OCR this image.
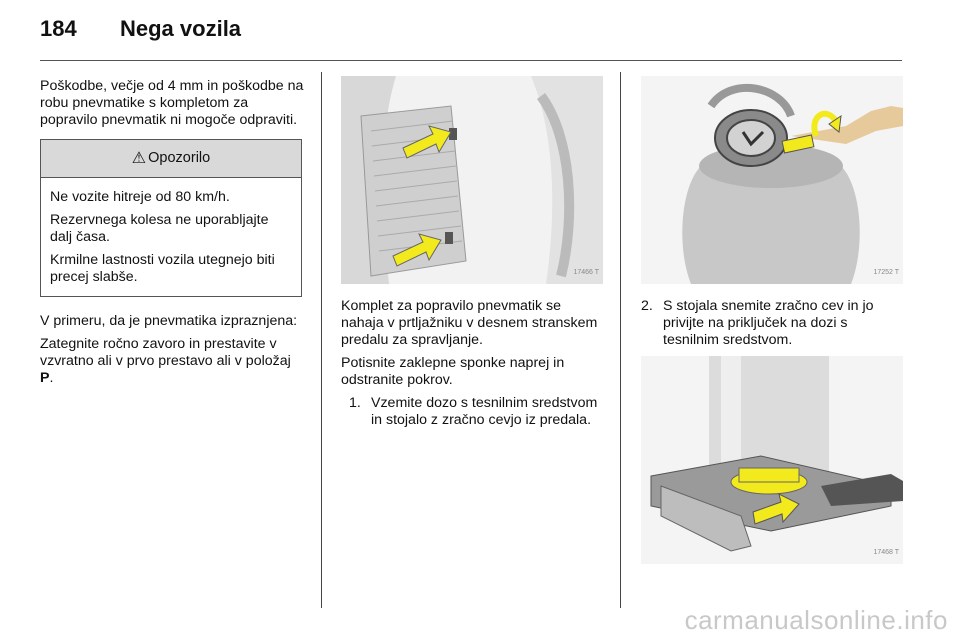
184	Nega vozila

Poškodbe, večje od 4 mm in poškodbe na robu pnevmatike s kompletom za popravilo pnevmatik ni mogoče odpraviti.

⚠ Opozorilo

Ne vozite hitreje od 80 km/h.

Rezervnega kolesa ne uporabljajte dalj časa.

Krmilne lastnosti vozila utegnejo biti precej slabše.

V primeru, da je pnevmatika izpraznjena:

Zategnite ročno zavoro in prestavite v vzvratno ali v prvo prestavo ali v položaj P.

17466 T

Komplet za popravilo pnevmatik se nahaja v prtljažniku v desnem stranskem predalu za spravljanje.

Potisnite zaklepne sponke naprej in odstranite pokrov.

1. Vzemite dozo s tesnilnim sredstvom in stojalo z zračno cevjo iz predala.
17252 T
2. S stojala snemite zračno cev in jo privijte na priključek na dozi s tesnilnim sredstvom.
17468 T
carmanualsonline.info
